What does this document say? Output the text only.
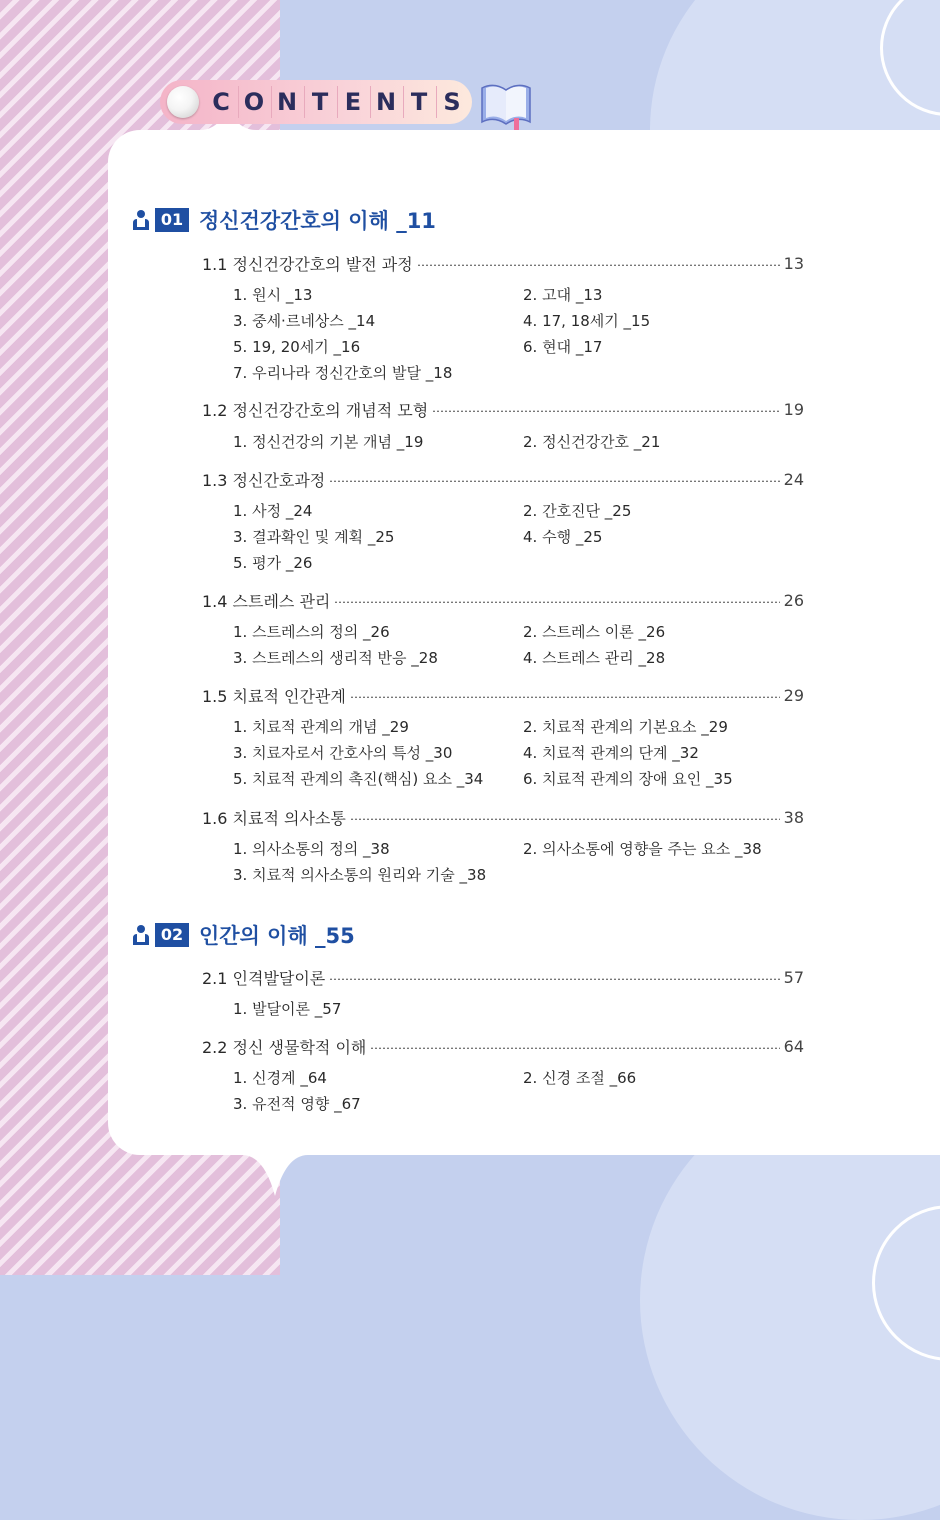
C O N T E N T S
01 정신건강간호의 이해 _11
1.1 정신건강간호의 발전 과정	13
1. 원시 _13	2. 고대 _13
3. 중세·르네상스 _14	4. 17, 18세기 _15
5. 19, 20세기 _16	6. 현대 _17
7. 우리나라 정신간호의 발달 _18
1.2 정신건강간호의 개념적 모형	19
1. 정신건강의 기본 개념 _19	2. 정신건강간호 _21
1.3 정신간호과정	24
1. 사정 _24	2. 간호진단 _25
3. 결과확인 및 계획 _25	4. 수행 _25
5. 평가 _26
1.4 스트레스 관리	26
1. 스트레스의 정의 _26	2. 스트레스 이론 _26
3. 스트레스의 생리적 반응 _28	4. 스트레스 관리 _28
1.5 치료적 인간관계	29
1. 치료적 관계의 개념 _29	2. 치료적 관계의 기본요소 _29
3. 치료자로서 간호사의 특성 _30	4. 치료적 관계의 단계 _32
5. 치료적 관계의 촉진(핵심) 요소 _34	6. 치료적 관계의 장애 요인 _35
1.6 치료적 의사소통	38
1. 의사소통의 정의 _38	2. 의사소통에 영향을 주는 요소 _38
3. 치료적 의사소통의 원리와 기술 _38
02 인간의 이해 _55
2.1 인격발달이론	57
1. 발달이론 _57
2.2 정신 생물학적 이해	64
1. 신경계 _64	2. 신경 조절 _66
3. 유전적 영향 _67
